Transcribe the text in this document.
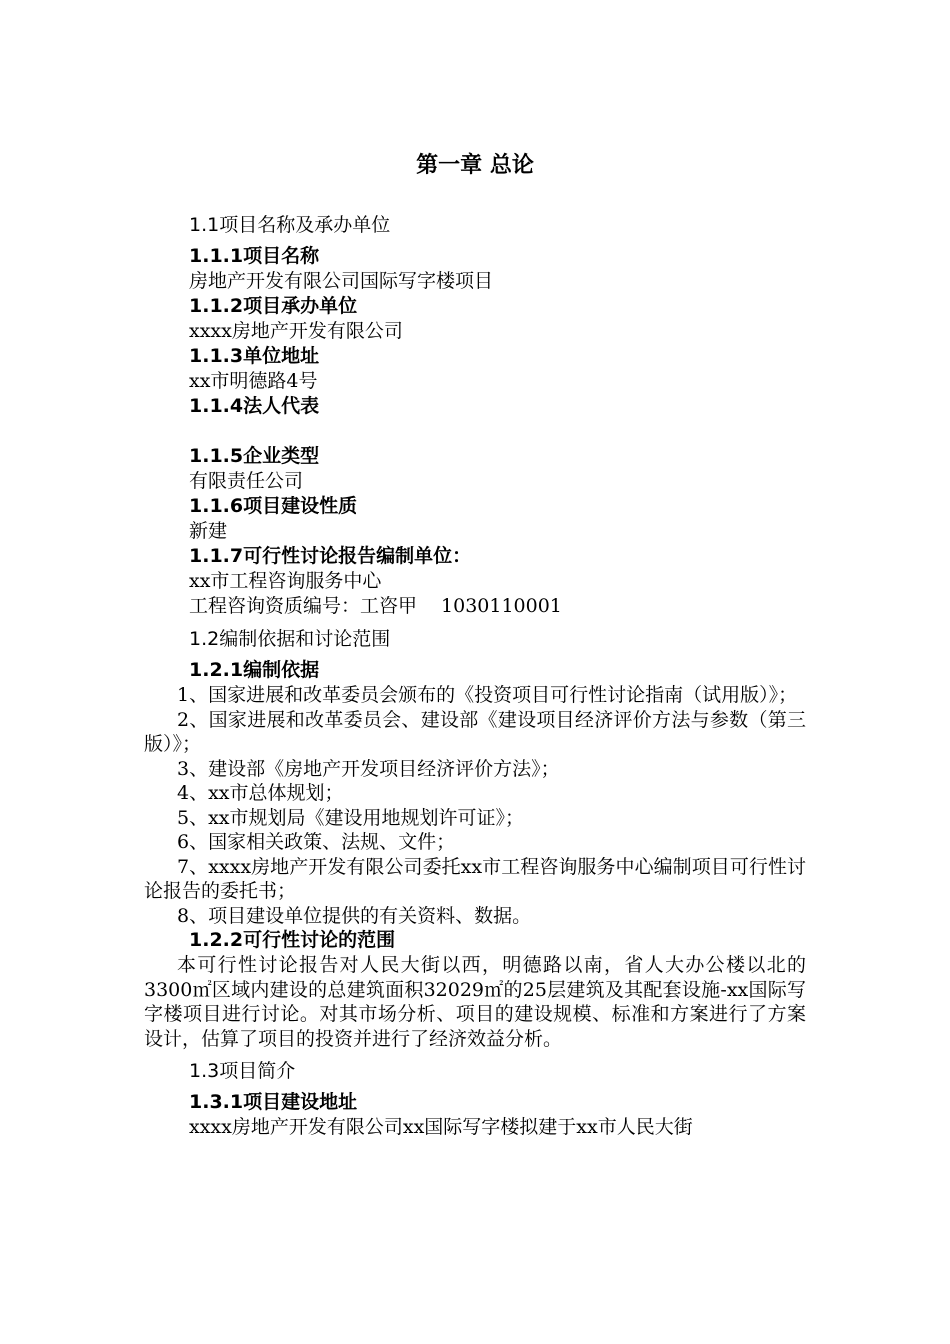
第一章 总论
1.1项目名称及承办单位
1.1.1项目名称
房地产开发有限公司国际写字楼项目
1.1.2项目承办单位
xxxx房地产开发有限公司
1.1.3单位地址
xx市明德路4号
1.1.4法人代表
1.1.5企业类型
有限责任公司
1.1.6项目建设性质
新建
1.1.7可行性讨论报告编制单位：
xx市工程咨询服务中心
工程咨询资质编号：工咨甲 1030110001
1.2编制依据和讨论范围
1.2.1编制依据
1、国家进展和改革委员会颁布的《投资项目可行性讨论指南（试用版）》；
2、国家进展和改革委员会、建设部《建设项目经济评价方法与参数（第三版）》；
3、建设部《房地产开发项目经济评价方法》；
4、xx市总体规划；
5、xx市规划局《建设用地规划许可证》；
6、国家相关政策、法规、文件；
7、xxxx房地产开发有限公司委托xx市工程咨询服务中心编制项目可行性讨论报告的委托书；
8、项目建设单位提供的有关资料、数据。
1.2.2可行性讨论的范围
本可行性讨论报告对人民大街以西，明德路以南，省人大办公楼以北的3300㎡区域内建设的总建筑面积32029㎡的25层建筑及其配套设施-xx国际写字楼项目进行讨论。对其市场分析、项目的建设规模、标准和方案进行了方案设计，估算了项目的投资并进行了经济效益分析。
1.3项目简介
1.3.1项目建设地址
xxxx房地产开发有限公司xx国际写字楼拟建于xx市人民大街
